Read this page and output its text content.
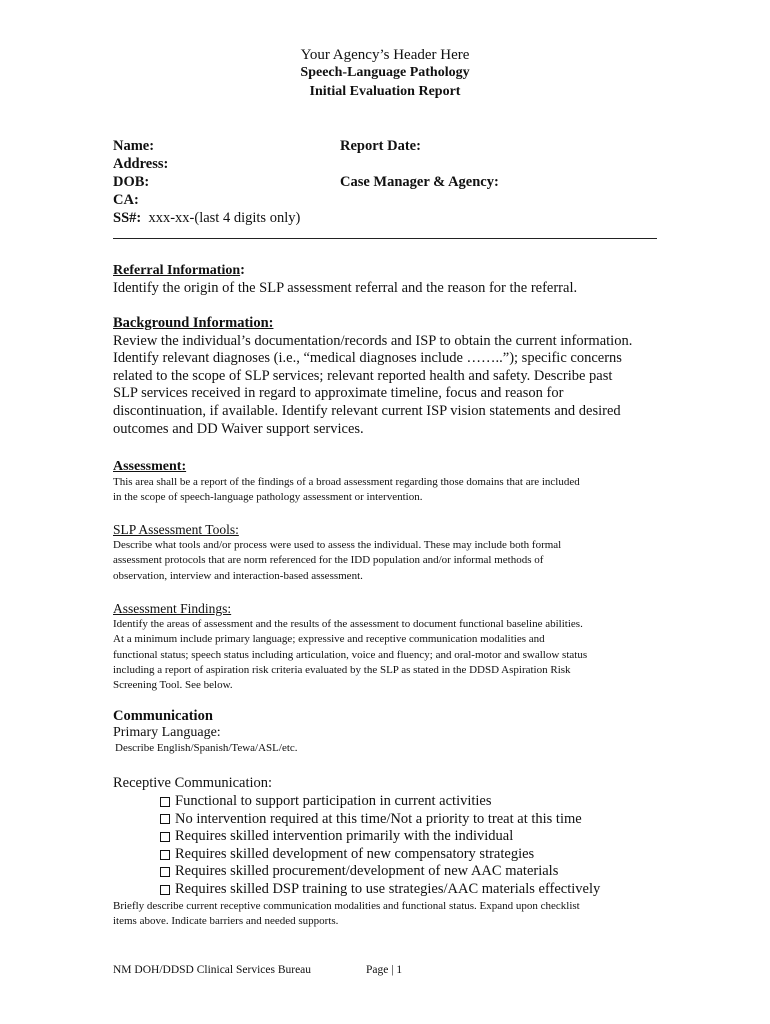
Your Agency’s Header Here
Speech-Language Pathology
Initial Evaluation Report
Name:
Address:
DOB:
CA:
SS#: xxx-xx-(last 4 digits only)
Report Date:

Case Manager & Agency:
Referral Information:
Identify the origin of the SLP assessment referral and the reason for the referral.
Background Information:
Review the individual’s documentation/records and ISP to obtain the current information.
Identify relevant diagnoses (i.e., “medical diagnoses include ……..”); specific concerns
related to the scope of SLP services; relevant reported health and safety. Describe past
SLP services received in regard to approximate timeline, focus and reason for
discontinuation, if available. Identify relevant current ISP vision statements and desired
outcomes and DD Waiver support services.
Assessment:
This area shall be a report of the findings of a broad assessment regarding those domains that are included
in the scope of speech-language pathology assessment or intervention.
SLP Assessment Tools:
Describe what tools and/or process were used to assess the individual. These may include both formal
assessment protocols that are norm referenced for the IDD population and/or informal methods of
observation, interview and interaction-based assessment.
Assessment Findings:
Identify the areas of assessment and the results of the assessment to document functional baseline abilities.
At a minimum include primary language; expressive and receptive communication modalities and
functional status; speech status including articulation, voice and fluency; and oral-motor and swallow status
including a report of aspiration risk criteria evaluated by the SLP as stated in the DDSD Aspiration Risk
Screening Tool. See below.
Communication
Primary Language:
Describe English/Spanish/Tewa/ASL/etc.
Receptive Communication:
Functional to support participation in current activities
No intervention required at this time/Not a priority to treat at this time
Requires skilled intervention primarily with the individual
Requires skilled development of new compensatory strategies
Requires skilled procurement/development of new AAC materials
Requires skilled DSP training to use strategies/AAC materials effectively
Briefly describe current receptive communication modalities and functional status. Expand upon checklist
items above. Indicate barriers and needed supports.
NM DOH/DDSD Clinical Services Bureau	Page | 1
